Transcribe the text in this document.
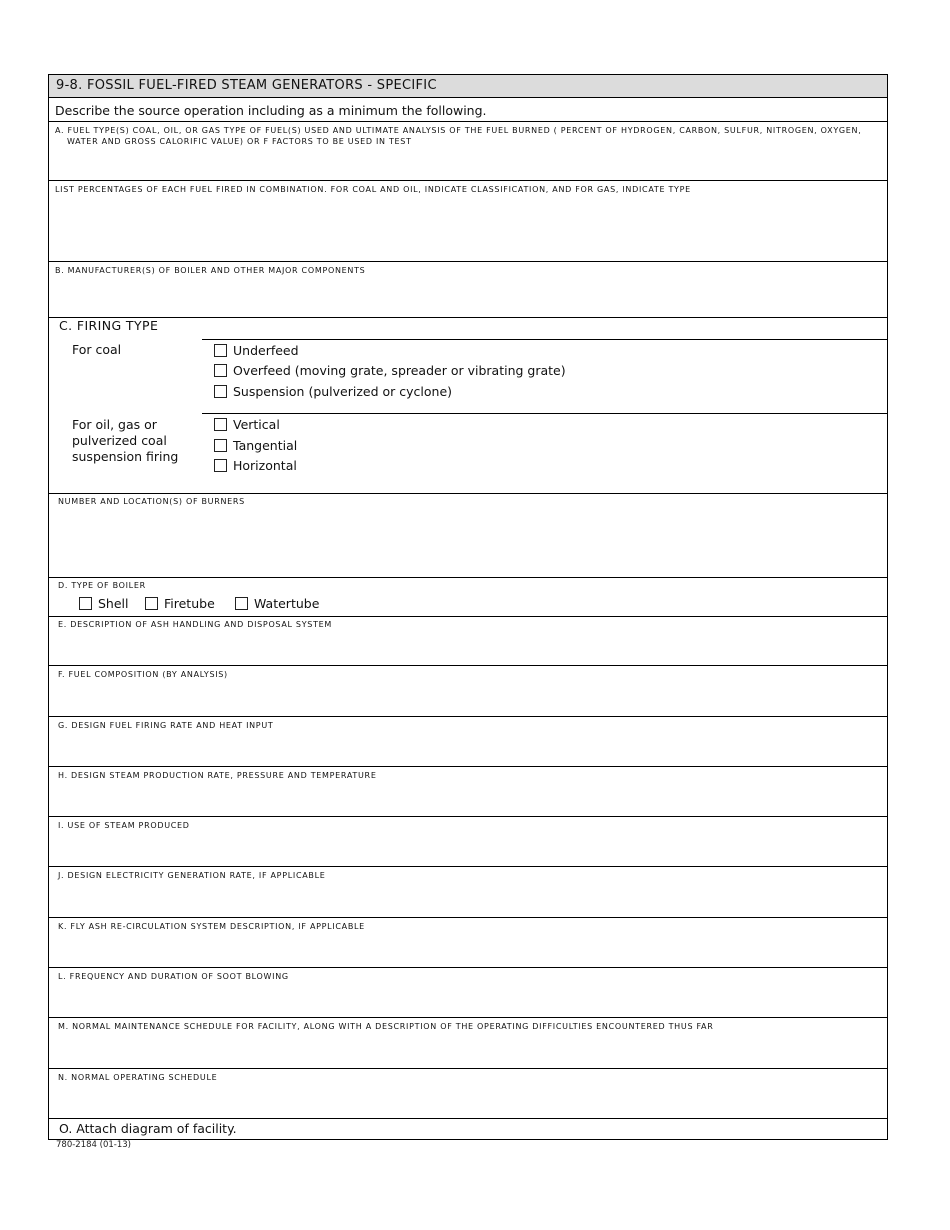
9-8. FOSSIL FUEL-FIRED STEAM GENERATORS - SPECIFIC
Describe the source operation including as a minimum the following.
A. FUEL TYPE(S) COAL, OIL, OR GAS TYPE OF FUEL(S) USED AND ULTIMATE ANALYSIS OF THE FUEL BURNED ( PERCENT OF HYDROGEN, CARBON, SULFUR, NITROGEN, OXYGEN,
WATER AND GROSS CALORIFIC VALUE) OR F FACTORS TO BE USED IN TEST
LIST PERCENTAGES OF EACH FUEL FIRED IN COMBINATION. FOR COAL AND OIL, INDICATE CLASSIFICATION, AND FOR GAS, INDICATE TYPE
B. MANUFACTURER(S) OF BOILER AND OTHER MAJOR COMPONENTS
C. FIRING TYPE
For coal	Underfeed
Overfeed (moving grate, spreader or vibrating grate)
Suspension (pulverized or cyclone)
For oil, gas or
pulverized coal
suspension firing
Vertical
Tangential
Horizontal
NUMBER AND LOCATION(S) OF BURNERS
D. TYPE OF BOILER
Shell	Firetube	Watertube
E. DESCRIPTION OF ASH HANDLING AND DISPOSAL SYSTEM
F. FUEL COMPOSITION (BY ANALYSIS)
G. DESIGN FUEL FIRING RATE AND HEAT INPUT
H. DESIGN STEAM PRODUCTION RATE, PRESSURE AND TEMPERATURE
I. USE OF STEAM PRODUCED
J. DESIGN ELECTRICITY GENERATION RATE, IF APPLICABLE
K. FLY ASH RE-CIRCULATION SYSTEM DESCRIPTION, IF APPLICABLE
L. FREQUENCY AND DURATION OF SOOT BLOWING
M. NORMAL MAINTENANCE SCHEDULE FOR FACILITY, ALONG WITH A DESCRIPTION OF THE OPERATING DIFFICULTIES ENCOUNTERED THUS FAR
N. NORMAL OPERATING SCHEDULE
O. Attach diagram of facility.
780-2184 (01-13)
